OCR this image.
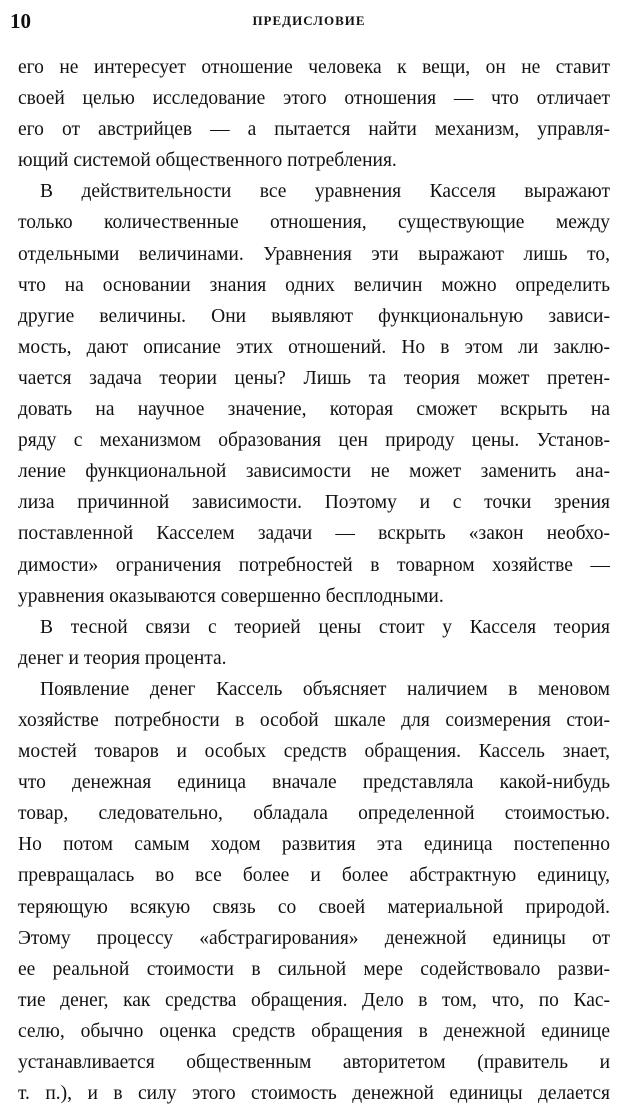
10	ПРЕДИСЛОВИЕ
его не интересует отношение человека к вещи, он не ставит
своей целью исследование этого отношения — что отличает
его от австрийцев — а пытается найти механизм, управля-
ющий системой общественного потребления.
В действительности все уравнения Касселя выражают
только количественные отношения, существующие между
отдельными величинами. Уравнения эти выражают лишь то,
что на основании знания одних величин можно определить
другие величины. Они выявляют функциональную зависи-
мость, дают описание этих отношений. Но в этом ли заклю-
чается задача теории цены? Лишь та теория может претен-
довать на научное значение, которая сможет вскрыть на
ряду с механизмом образования цен природу цены. Установ-
ление функциональной зависимости не может заменить ана-
лиза причинной зависимости. Поэтому и с точки зрения
поставленной Касселем задачи — вскрыть «закон необхо-
димости» ограничения потребностей в товарном хозяйстве —
уравнения оказываются совершенно бесплодными.
В тесной связи с теорией цены стоит у Касселя теория
денег и теория процента.
Появление денег Кассель объясняет наличием в меновом
хозяйстве потребности в особой шкале для соизмерения стои-
мостей товаров и особых средств обращения. Кассель знает,
что денежная единица вначале представляла какой-нибудь
товар, следовательно, обладала определенной стоимостью.
Но потом самым ходом развития эта единица постепенно
превращалась во все более и более абстрактную единицу,
теряющую всякую связь со своей материальной природой.
Этому процессу «абстрагирования» денежной единицы от
ее реальной стоимости в сильной мере содействовало разви-
тие денег, как средства обращения. Дело в том, что, по Кас-
селю, обычно оценка средств обращения в денежной единице
устанавливается общественным авторитетом (правитель и
т. п.), и в силу этого стоимость денежной единицы делается
